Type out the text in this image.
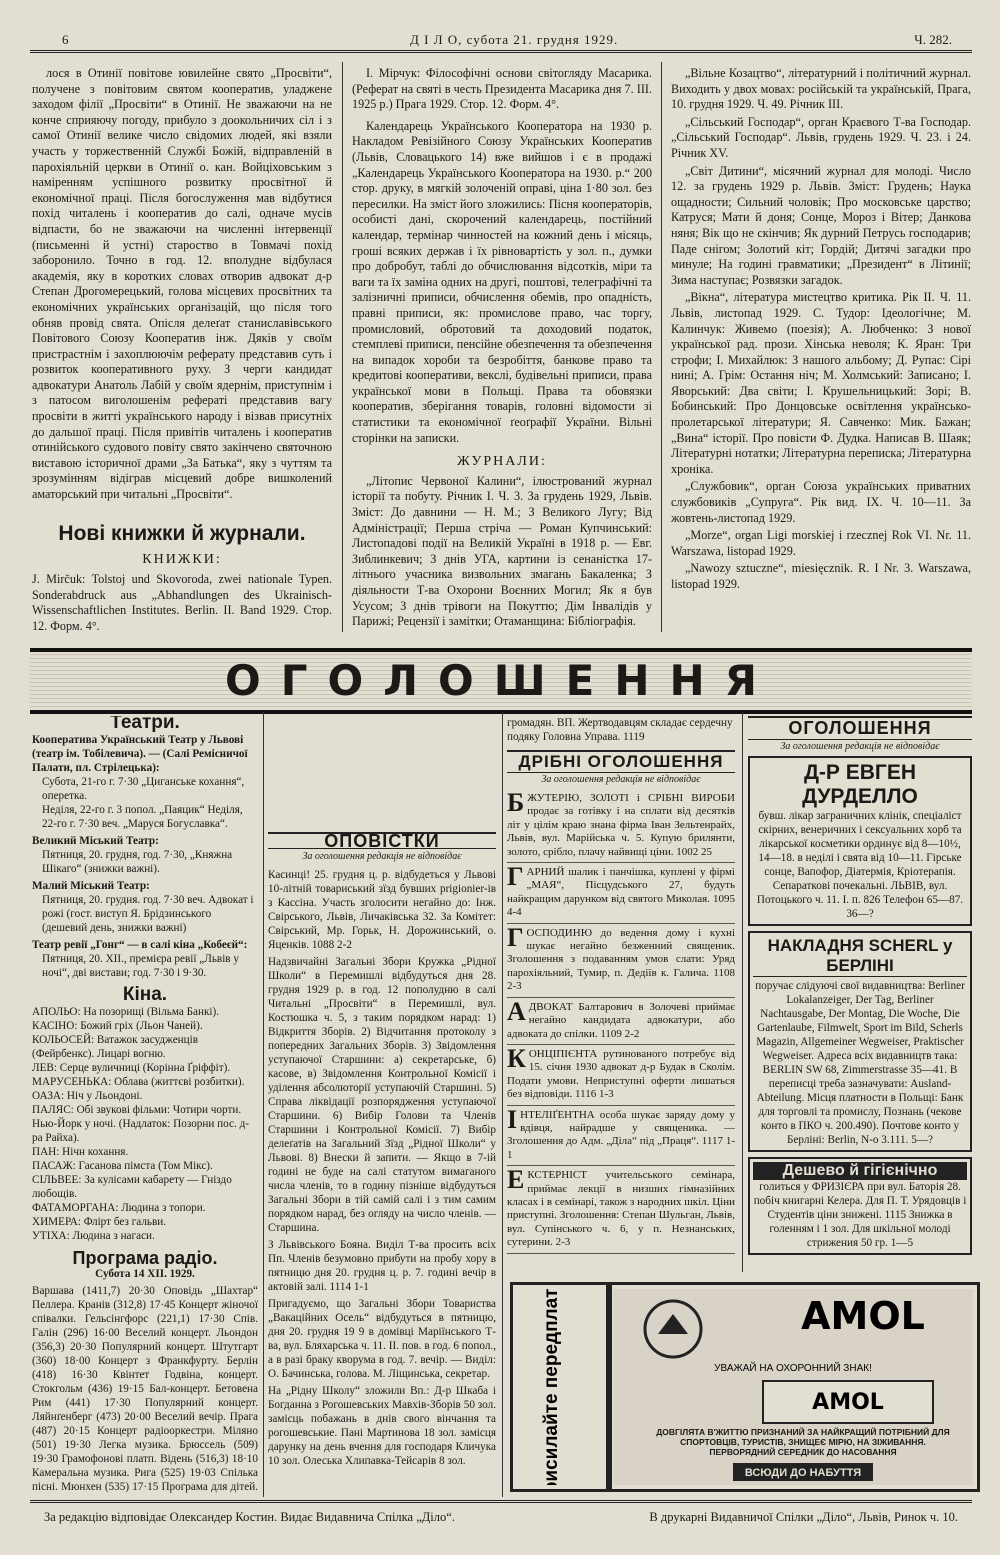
6	Д І Л О, субота 21. грудня 1929.	Ч. 282.

лося в Отинії повітове ювилейне свято „Просвіти“, получене з повітовим святом кооператив, уладжене заходом філії „Просвіти“ в Отинії. Не зважаючи на не конче сприяючу погоду, прибуло з доокольничих сіл і з самої Отинії велике число свідомих людей, які взяли участь у торжественній Службі Божій, відправленій в парохіяльній церкви в Отинії о. кан. Войціховським з наміренням успішного розвитку просвітної й економічної праці. Після богослуження мав відбутися похід читалень і кооператив до салі, одначе мусів відпасти, бо не зважаючи на численні інтервенції (письменні й устні) староство в Товмачі похід заборонило. Точно в год. 12. вполудне відбулася академія, яку в коротких словах отворив адвокат д-р Степан Дрогомерецький, голова місцевих просвітних та економічних українських організацій, що після того обняв провід свята. Опісля делеґат станиславівського Повітового Союзу Кооператив інж. Дяків у своїм пристрастнім і захоплюючім реферату представив суть і розвиток кооперативного руху. З черги кандидат адвокатури Анатоль Лабій у своїм ядернім, приступнім і з патосом виголошенім рефераті представив вагу просвіти в житті українського народу і візвав присутніх до дальшої праці. Після привітів читалень і кооператив отинійського судового повіту свято закінчено святочною виставою історичної драми „За Батька“, яку з чуттям та зрозумінням відіграв місцевий добре вишколений аматорський при читальні „Просвіти“.

Нові книжки й журнали.
КНИЖКИ:
J. Mirčuk: Tolstoj und Skovoroda, zwei nationale Typen. Sonderabdruck aus „Abhandlungen des Ukrainisch-Wissenschaftlichen Institutes. Berlin. II. Band 1929. Стор. 12. Форм. 4°.

І. Мірчук: Філософічні основи світогляду Масарика. (Реферат на святі в честь Президента Масарика дня 7. III. 1925 р.) Прага 1929. Стор. 12. Форм. 4°.

Календарець Українського Кооператора на 1930 р. Накладом Ревізійного Союзу Українських Кооператив (Львів, Словацького 14) вже вийшов і є в продажі „Календарець Українського Кооператора на 1930. р.“ 200 стор. друку, в мягкій золоченій оправі, ціна 1·80 зол. без пересилки. На зміст його зложились: Пісня кооператорів, особисті дані, скорочений календарець, постійний календар, термінар чинностей на кожний день і місяць, гроші всяких держав і їх рівновартість у зол. п., думки про добробут, таблі до обчислювання відсотків, міри та ваги та їх заміна одних на другі, поштові, телеграфічні та залізничні приписи, обчислення обемів, про опадність, правні приписи, як: промислове право, час торгу, промисловий, обротовий та доходовий податок, стемплеві приписи, пенсійне обезпечення та обезпечення на випадок хороби та безробіття, банкове право та кредитові кооперативи, векслі, будівельні приписи, права української мови в Польщі. Права та обовязки кооператив, зберігання товарів, головні відомости зі статистики та економічної ґеоґрафії України. Вільні сторінки на записки.

ЖУРНАЛИ:

„Літопис Червоної Калини“, ілюстрований журнал історії та побуту. Річник І. Ч. 3. За грудень 1929, Львів. Зміст: До давнини — Н. М.; З Великого Лугу; Від Адміністрації; Перша стріча — Роман Купчинський: Листопадові події на Великій Україні в 1918 р. — Евг. Зиблинкевич; З днів УГА, картини із сенаністка 17-літнього учасника визвольних змагань Бакаленка; З діяльности Т-ва Охорони Воєнних Могил; Як я був Усусом; З днів трівоги на Покуттю; Дім Інвалідів у Парижі; Рецензії і замітки; Отаманщина: Бібліографія.

„Вільне Козацтво“, літературний і політичний журнал. Виходить у двох мовах: російській та українській, Прага, 10. грудня 1929. Ч. 49. Річник III.

„Сільський Господар“, орган Краєвого Т-ва Господар. „Сільський Господар“. Львів, грудень 1929. Ч. 23. і 24. Річник XV.

„Світ Дитини“, місячний журнал для молоді. Число 12. за грудень 1929 р. Львів. Зміст: Грудень; Наука ощадности; Сильний чоловік; Про московське царство; Катруся; Мати й доня; Сонце, Мороз і Вітер; Данкова няня; Вік що не скінчив; Як дурний Петрусь господарив; Паде снігом; Золотий кіт; Гордій; Дитячі загадки про минуле; На годині гравматики; „Президент“ в Літинії; Зима наступає; Розвязки загадок.

„Вікна“, література мистецтво критика. Рік II. Ч. 11. Львів, листопад 1929. С. Тудор: Ідеологічне; М. Калинчук: Живемо (поезія); А. Любченко: З нової української рад. прози. Хінська неволя; К. Яран: Три строфи; І. Михайлюк: З нашого альбому; Д. Рупас: Сірі нині; А. Грім: Остання ніч; М. Холмський: Записано; І. Яворський: Два світи; І. Крушельницький: Зорі; В. Бобинський: Про Донцовське освітлення українсько-пролетарської літератури; Я. Савченко: Мик. Бажан; „Вина“ історії. Про повісти Ф. Дудка. Написав В. Шаяк; Літературні нотатки; Літературна переписка; Літературна хроніка.

„Службовик“, орган Союза українських приватних службовиків „Супруга“. Рік вид. IX. Ч. 10—11. За жовтень-листопад 1929.

„Morze“, organ Ligi morskiej i rzecznej Rok VI. Nr. 11. Warszawa, listopad 1929.

„Nawozy sztuczne“, miesięcznik. R. I Nr. 3. Warszawa, listopad 1929.

ОГОЛОШЕННЯ
Театри.
Кооператива Український Театр у Львові (театр ім. Тобілевича). — (Салі Ремісничої Палати, пл. Стрілецька):
Субота, 21-го г. 7·30 „Циганське кохання“, оперетка.
Неділя, 22-го г. 3 попол. „Паяцик“ Неділя, 22-го г. 7·30 веч. „Маруся Богуславка“.
Великий Міський Театр:
Пятниця, 20. грудня, год. 7·30, „Княжна Шікаго“ (знижки важні).
Малий Міський Театр:
Пятниця, 20. грудня. год. 7·30 веч. Адвокат і рожі (гост. виступ Я. Брідзинського (дешевий день, знижки важні)
Театр ревії „Гонг“ — в салі кіна „Кобеєй“:
Пятниця, 20. XII., премієра ревії „Львів у ночі“, дві вистави; год. 7·30 і 9·30.
Кіна.
АПОЛЬО: На позорищі (Вільма Банкі).
КАСІНО: Божий гріх (Льон Чаней).
КОЛЬОСЕЙ: Ватажок засудженців (Фейрбенкс). Лицарі вогню.
ЛЕВ: Серце вуличниці (Корінна Ґріффіт).
МАРУСЕНЬКА: Облава (життєві розбитки).
ОАЗА: Ніч у Льондоні.
ПАЛЯС: Обі звукові фільми: Чотири чорти. Нью-Йорк у ночі. (Надлаток: Позорни пос. д-ра Райха).
ПАН: Нічн кохання.
ПАСАЖ: Гасанова пімста (Том Мікс).
СІЛЬВЕЕ: За кулісами кабарету — Гніздо любощів.
ФАТАМОРГАНА: Людина з топори.
ХИМЕРА: Флірт без гальви.
УТІХА: Людина з нагаси.
Програма радіо.
Субота 14 XII. 1929.
Варшава (1411,7) 20·30 Оповідь „Шахтар“ Пеллера. Кранів (312,8) 17·45 Концерт жіночої співалки. Гельсінгфорс (221,1) 17·30 Спів. Галін (296) 16·00 Веселий концерт. Льондон (356,3) 20·30 Популярний концерт. Штутгарт (360) 18·00 Концерт з Франкфурту. Берлін (418) 16·30 Квінтет Годвіна, концерт. Стокгольм (436) 19·15 Бал-концерт. Бетовена Рим (441) 17·30 Популярний концерт. Ляйнґенберг (473) 20·00 Веселий вечір. Прага (487) 20·15 Концерт радіооркестри. Міляно (501) 19·30 Легка музика. Брюссель (509) 19·30 Грамофонові платп. Відень (516,3) 18·10 Камеральна музика. Рига (525) 19·03 Спілька пісні. Мюнхен (535) 17·15 Програма для дітей.
ОПОВІСТКИ
За оголошення редакція не відповідає
Касинці! 25. грудня ц. р. відбудеться у Львові 10-літній товариський зїзд бувших prigionier-ів з Кассіна. Участь зголосити негайно до: Інж. Свірського, Львів, Личаківська 32. За Комітет: Свірський, Мр. Горьк, Н. Дорожинський, о. Яценків. 1088 2-2
Надзвичайні Загальні Збори Кружка „Рідної Школи“ в Перемишлі відбудуться дня 28. грудня 1929 р. в год. 12 пополудню в салі Читальні „Просвіти“ в Перемишлі, вул. Костюшка ч. 5, з таким порядком нарад: 1) Відкриття Зборів. 2) Відчитання протоколу з попередних Загальних Зборів. 3) Звідомлення уступаючої Старшини: а) секретарське, б) касове, в) Звідомлення Контрольної Комісії і уділення абсолюторії уступаючій Старшині. 5) Справа ліквідації розпорядження уступаючої Старшини. 6) Вибір Голови та Членів Старшини і Контрольної Комісії. 7) Вибір делеґатів на Загальний Зїзд „Рідної Школи“ у Львові. 8) Внески й запити. — Якщо в 7-ій годині не буде на салі статутом вимаганого числа членів, то в годину пізніше відбудуться Загальні Збори в тій самій салі і з тим самим порядком нарад, без огляду на число членів. — Старшина.
З Львівського Бояна. Виділ Т-ва просить всіх Пп. Членів безумовно прибути на пробу хору в пятницю дня 20. грудня ц. р. 7. годині вечір в актовій залі. 1114 1-1
Пригадуємо, що Загальні Збори Товариства „Вакаційних Осель“ відбудуться в пятницю, дня 20. грудня 19 9 в домівці Маріїнського Т-ва, вул. Бляхарська ч. 11. II. пов. в год. 6 попол., а в разі браку кворума в год. 7. вечір. — Виділ: О. Бачинська, голова. М. Ліщинська, секретар.
На „Рідну Школу“ зложили Вп.: Д-р Шкаба і Богданна з Рогошевських Мавхів-Зборів 50 зол. замісць побажань в днів свого вінчання та рогошевськие. Пані Мартинова 18 зол. замісця дарунку на день вчення для господаря Кличука 10 зол. Олеська Хлипавка-Тейсарів 8 зол.
громадян. ВП. Жертводавцям складає сердечну подяку Головна Управа. 1119
ДРІБНІ ОГОЛОШЕННЯ
За оголошення редакція не відповідає
БЖУТЕРІЮ, ЗОЛОТІ і СРІБНІ ВИРОБИ продає за готівку і на сплати від десятків літ у цілім краю знана фірма Іван Зельтенрайх, Львів, вул. Марійська ч. 5. Купую брилянти, золото, срібло, плачу найвищі ціни. 1002 25
ГАРНИЙ шалик і панчішка, куплені у фірмі „МАЯ“, Пісцудського 27, будуть найкращим дарунком від святого Миколая. 1095 4-4
ГОСПОДИНЮ до ведення дому і кухні шукає негайно безженний священик. Зголошення з подаванням умов слати: Уряд парохіяльний, Тумир, п. Дедіїв к. Галича. 1108 2-3
АДВОКАТ Балтарович в Золочеві приймає негайно кандидата адвокатури, або адвоката до спілки. 1109 2-2
КОНЦІПІЄНТА рутинованого потребує від 15. січня 1930 адвокат д-р Будак в Сколім. Подати умови. Неприступні оферти лишаться без відповіди. 1116 1-3
ІНТЕЛІҐЕНТНА особа шукає заряду дому у вдівця, найрадше у священика. — Зголошення до Адм. „Діла“ під „Праця“. 1117 1-1
ЕКСТЕРНІСТ учительського семінара, приймає лекції в низших гімназійних класах і в семінарі, також з народних шкіл. Ціни приступні. Зголошення: Степан Шульган, Львів, вул. Супінського ч. 6, у п. Незнанських, сутерини. 2-3
Присилайте передплату!
ОГОЛОШЕННЯ
За оголошення редакція не відповідає
Д-Р ЕВГЕН ДУРДЕЛЛО
бувш. лікар заграничних клінік, спеціаліст скірних, венеричних і сексуальних хорб та лікарської косметики ординує від 8—10½, 14—18. в неділі і свята від 10—11. Гірське сонце, Вапофор, Діатермія, Кріотерапія. Сепаратковi почекальні. ЛЬВІВ, вул. Потоцького ч. 11. І. п. 826 Телефон 65—87. 36—?
НАКЛАДНЯ SCHERL у БЕРЛІНІ
поручає слідуючі свої видавництва: Berliner Lokalanzeiger, Der Tag, Berliner Nachtausgabe, Der Montag, Die Woche, Die Gartenlaube, Filmwelt, Sport im Bild, Scherls Magazin, Allgemeiner Wegweiser, Praktischer Wegweiser. Адреса всіх видавництв така: BERLIN SW 68, Zimmerstrasse 35—41. В переписці треба зазначувати: Ausland-Abteilung. Місця платности в Польщі: Банк для торговлі та промислу, Познань (чекове конто в ПКО ч. 200.490). Почтове конто у Берліні: Berlin, N-o 3.111. 5—?
Дешево й гігієнічно
голиться у ФРИЗІЄРА при вул. Баторія 28. побіч книгарні Келера. Для П. Т. Урядовців і Студентів ціни знижені. 1115 Знижка в голенням і 1 зол. Для шкільної молоді стрижения 50 гр. 1—5
AMOL
УВАЖАЙ НА ОХОРОННИЙ ЗНАК!
AMOL
ДОВГІЛЯТА В'ЖИТТЮ ПРИЗНАНИЙ ЗА НАЙКРАЩИЙ ПОТРІБНИЙ ДЛЯ СПОРТОВЦІВ, ТУРИСТІВ, ЗНИЩЕЄ МІРЮ, НА ЗІЖИВАННЯ. ПЕРВОРЯДНИЙ СЕРЕДНИК ДО НАСОВАННЯ
ВСЮДИ ДО НАБУТТЯ
За редакцію відповідає Олександер Костин. Видає Видавнича Спілка „Діло“.	В друкарні Видавничої Спілки „Діло“, Львів, Ринок ч. 10.
